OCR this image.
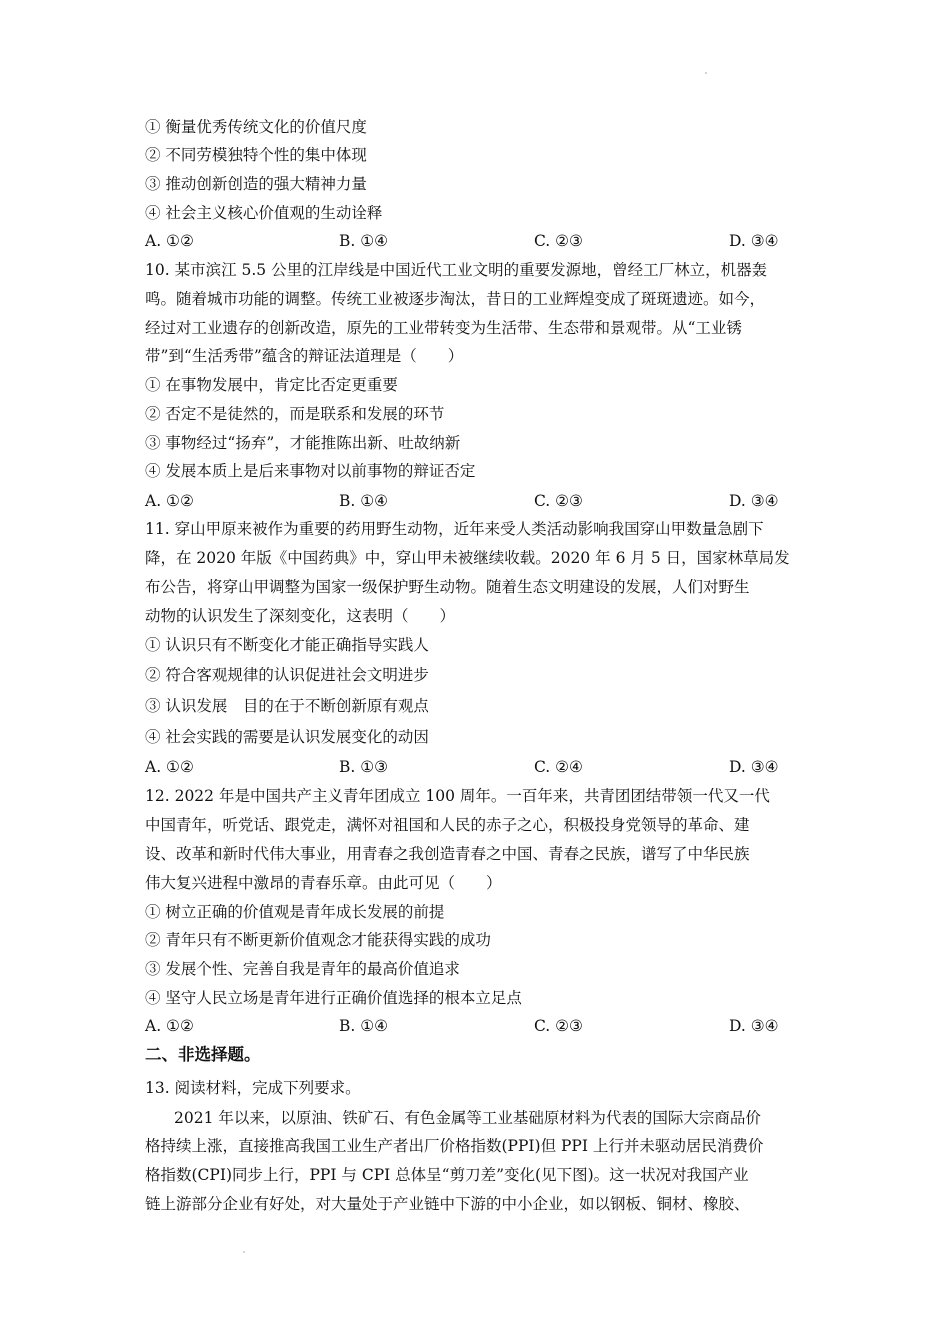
① 衡量优秀传统文化的价值尺度
② 不同劳模独特个性的集中体现
③ 推动创新创造的强大精神力量
④ 社会主义核心价值观的生动诠释
A. ①②	B. ①④	C. ②③	D. ③④
10. 某市滨江 5.5 公里的江岸线是中国近代工业文明的重要发源地，曾经工厂林立，机器轰
鸣。随着城市功能的调整。传统工业被逐步淘汰，昔日的工业辉煌变成了斑斑遗迹。如今，
经过对工业遗存的创新改造，原先的工业带转变为生活带、生态带和景观带。从“工业锈
带”到“生活秀带”蕴含的辩证法道理是（　　）
① 在事物发展中，肯定比否定更重要
② 否定不是徒然的，而是联系和发展的环节
③ 事物经过“扬弃”，才能推陈出新、吐故纳新
④ 发展本质上是后来事物对以前事物的辩证否定
A. ①②	B. ①④	C. ②③	D. ③④
11. 穿山甲原来被作为重要的药用野生动物，近年来受人类活动影响我国穿山甲数量急剧下
降，在 2020 年版《中国药典》中，穿山甲未被继续收载。2020 年 6 月 5 日，国家林草局发
布公告，将穿山甲调整为国家一级保护野生动物。随着生态文明建设的发展，人们对野生
动物的认识发生了深刻变化，这表明（　　）
① 认识只有不断变化才能正确指导实践人
② 符合客观规律的认识促进社会文明进步
③ 认识发展　目的在于不断创新原有观点
④ 社会实践的需要是认识发展变化的动因
A. ①②	B. ①③	C. ②④	D. ③④
12. 2022 年是中国共产主义青年团成立 100 周年。一百年来，共青团团结带领一代又一代
中国青年，听党话、跟党走，满怀对祖国和人民的赤子之心，积极投身党领导的革命、建
设、改革和新时代伟大事业，用青春之我创造青春之中国、青春之民族，谱写了中华民族
伟大复兴进程中激昂的青春乐章。由此可见（　　）
① 树立正确的价值观是青年成长发展的前提
② 青年只有不断更新价值观念才能获得实践的成功
③ 发展个性、完善自我是青年的最高价值追求
④ 坚守人民立场是青年进行正确价值选择的根本立足点
A. ①②	B. ①④	C. ②③	D. ③④
二、非选择题。
13. 阅读材料，完成下列要求。
2021 年以来，以原油、铁矿石、有色金属等工业基础原材料为代表的国际大宗商品价
格持续上涨，直接推高我国工业生产者出厂价格指数(PPI)但 PPI 上行并未驱动居民消费价
格指数(CPI)同步上行，PPI 与 CPI 总体呈“剪刀差”变化(见下图)。这一状况对我国产业
链上游部分企业有好处，对大量处于产业链中下游的中小企业，如以钢板、铜材、橡胶、
